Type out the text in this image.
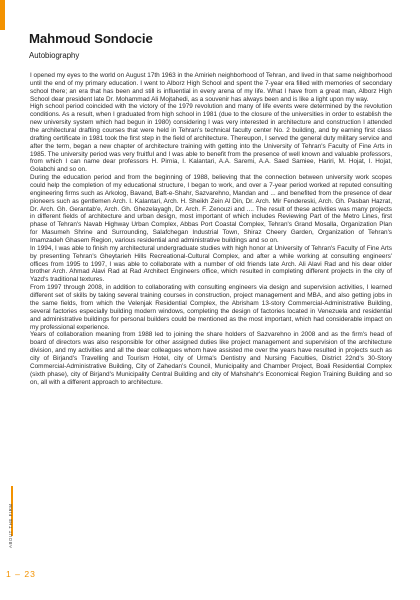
Mahmoud Sondocie
Autobiography

I opened my eyes to the world on August 17th 1963 in the Amirieh neighborhood of Tehran, and lived in that same neighborhood until the end of my primary education. I went to Alborz High School and spent the 7-year era filled with memories of secondary school there; an era that has been and still is influential in every arena of my life. What I have from a great man, Alborz High School dear president late Dr. Mohammad Ali Mojtahedi, as a souvenir has always been and is like a light upon my way.

High school period coincided with the victory of the 1979 revolution and many of life events were determined by the revolution conditions. As a result, when I graduated from high school in 1981 (due to the closure of the universities in order to establish the new university system which had begun in 1980) considering I was very interested in architecture and construction I attended the architectural drafting courses that were held in Tehran's technical faculty center No. 2 building, and by earning first class drafting certificate in 1981 took the first step in the field of architecture. Thereupon, I served the general duty military service and after the term, began a new chapter of architecture training with getting into the University of Tehran's Faculty of Fine Arts in 1985. The university period was very fruitful and I was able to benefit from the presence of well known and valuable professors, from which I can name dear professors H. Pirnia, I. Kalantari, A.A. Saremi, A.A. Saed Samiee, Hariri, M. Hojat, I. Hojat, Golabchi and so on.

During the education period and from the beginning of 1988, believing that the connection between university work scopes could help the completion of my educational structure, I began to work, and over a 7-year period worked at reputed consulting engineering firms such as Arkolog, Bavand, Baft-e-Shahr, Sazvarehno, Mandan and ... and benefited from the presence of dear pioneers such as gentlemen Arch. I. Kalantari, Arch. H. Sheikh Zein Al Din, Dr. Arch. Mir Fendereski, Arch. Gh. Pasban Hazrat, Dr. Arch. Gh. Gerantab'e, Arch. Gh. Ghezelayagh, Dr. Arch. F. Zenouzi and .... The result of these activities was many projects in different fields of architecture and urban design, most important of which includes Reviewing Part of the Metro Lines, first phase of Tehran's Navab Highway Urban Complex, Abbas Port Coastal Complex, Tehran's Grand Mosalla, Organization Plan for Masumeh Shrine and Surrounding, Salafchegan Industrial Town, Shiraz Cheery Garden, Organization of Tehran's Imamzadeh Ghasem Region, various residential and administrative buildings and so on.

In 1994, I was able to finish my architectural undergraduate studies with high honor at University of Tehran's Faculty of Fine Arts by presenting Tehran's Gheytarieh Hills Recreational-Cultural Complex, and after a while working at consulting engineers' offices from 1995 to 1997, I was able to collaborate with a number of old friends late Arch. Ali Alavi Rad and his dear older brother Arch. Ahmad Alavi Rad at Rad Architect Engineers office, which resulted in completing different projects in the city of Yazd's traditional textures.

From 1997 through 2008, in addition to collaborating with consulting engineers via design and supervision activities, I learned different set of skills by taking several training courses in construction, project management and MBA, and also getting jobs in the same fields, from which the Velenjak Residential Complex, the Abrisham 13-story Commercial-Administrative Building, several factories especially building modern windows, completing the design of factories located in Venezuela and residential and administrative buildings for personal builders could be mentioned as the most important, which had considerable impact on my professional experience.

Years of collaboration meaning from 1988 led to joining the share holders of Sazvarehno in 2008 and as the firm's head of board of directors was also responsible for other assigned duties like project management and supervision of the architecture division, and my activities and all the dear colleagues whom have assisted me over the years have resulted in projects such as city of Birjand's Travelling and Tourism Hotel, city of Urma's Dentistry and Nursing Faculties, District 22nd's 30-Story Commercial-Administrative Building, City of Zahedan's Council, Municipality and Chamber Project, Boali Residential Complex (sixth phase), city of Birjand's Municipality Central Building and city of Mahshahr's Economical Region Training Building and so on, all with a different approach to architecture.

ABOUT THE FIRM
1 – 23
